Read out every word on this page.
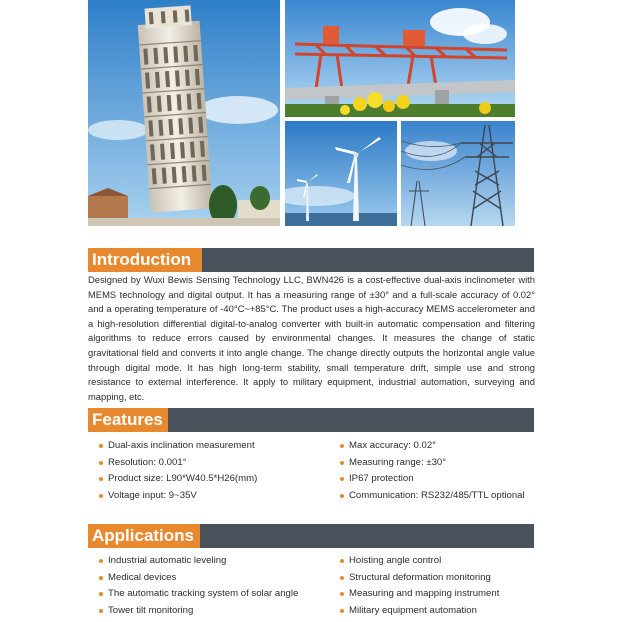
Introduction

Designed by Wuxi Bewis Sensing Technology LLC, BWN426 is a cost-effective dual-axis inclinometer with MEMS technology and digital output. It has a measuring range of ±30° and a full-scale accuracy of 0.02° and a operating temperature of -40°C~+85°C. The product uses a high-accuracy MEMS accelerometer and a high-resolution differential digital-to-analog converter with built-in automatic compensation and filtering algorithms to reduce errors caused by environmental changes. It measures the change of static gravitational field and converts it into angle change. The change directly outputs the horizontal angle value through digital mode. It has high long-term stability, small temperature drift, simple use and strong resistance to external interference. It apply to military equipment, industrial automation, surveying and mapping, etc.

Features
Dual-axis inclination measurement
Resolution: 0.001°
Product size: L90*W40.5*H26(mm)
Voltage input: 9~35V
Max accuracy: 0.02°
Measuring range: ±30°
IP67 protection
Communication: RS232/485/TTL optional
Applications
Industrial automatic leveling
Medical devices
The automatic tracking system of solar angle
Tower tilt monitoring
Hoisting angle control
Structural deformation monitoring
Measuring and mapping instrument
Military equipment automation
